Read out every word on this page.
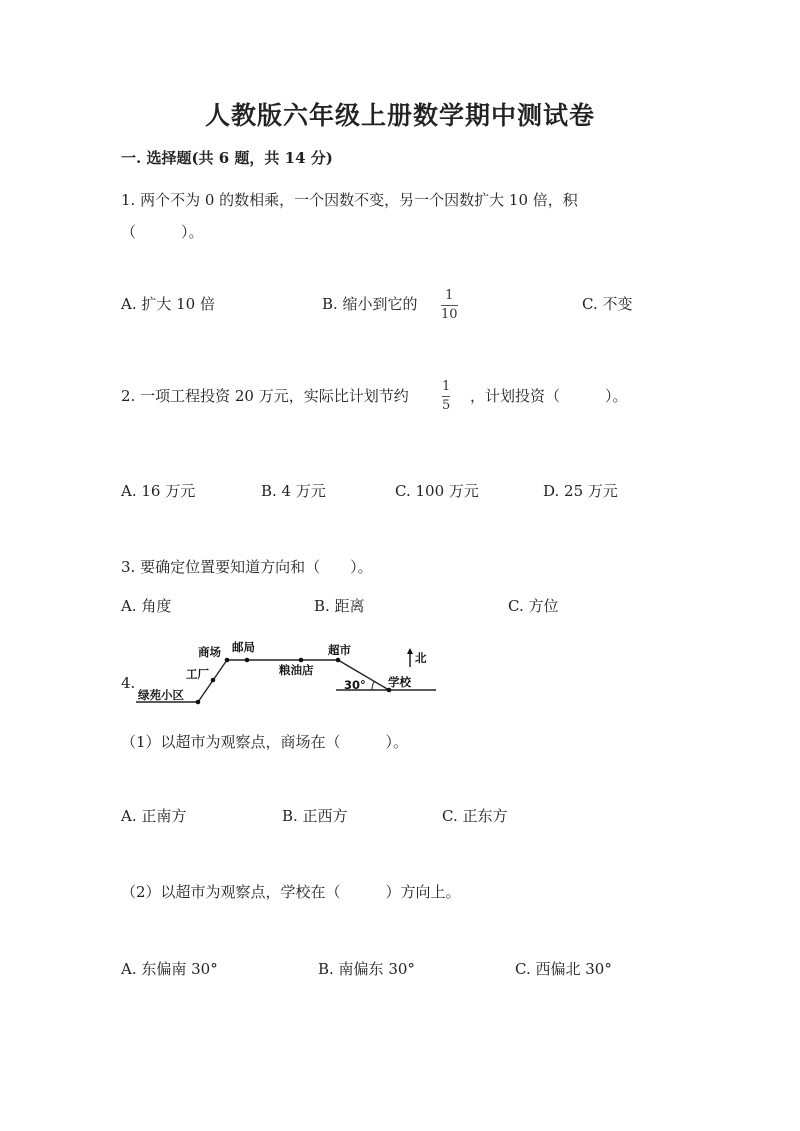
人教版六年级上册数学期中测试卷
一. 选择题(共 6 题，共 14 分)
1. 两个不为 0 的数相乘，一个因数不变，另一个因数扩大 10 倍，积
（　　　）。
A. 扩大 10 倍	B. 缩小到它的 1
10
C. 不变
2. 一项工程投资 20 万元，实际比计划节约
1
5
，计划投资（　　　）。
A. 16 万元	B. 4 万元	C. 100 万元	D. 25 万元
3. 要确定位置要知道方向和（　　）。
A. 角度	B. 距离	C. 方位
4.
商场 邮局	超市
粮油店
工厂
绿苑小区
学校
30°
北
（1）以超市为观察点，商场在（　　　）。
A. 正南方	B. 正西方	C. 正东方
（2）以超市为观察点，学校在（　　　）方向上。
A. 东偏南 30°	B. 南偏东 30°	C. 西偏北 30°
